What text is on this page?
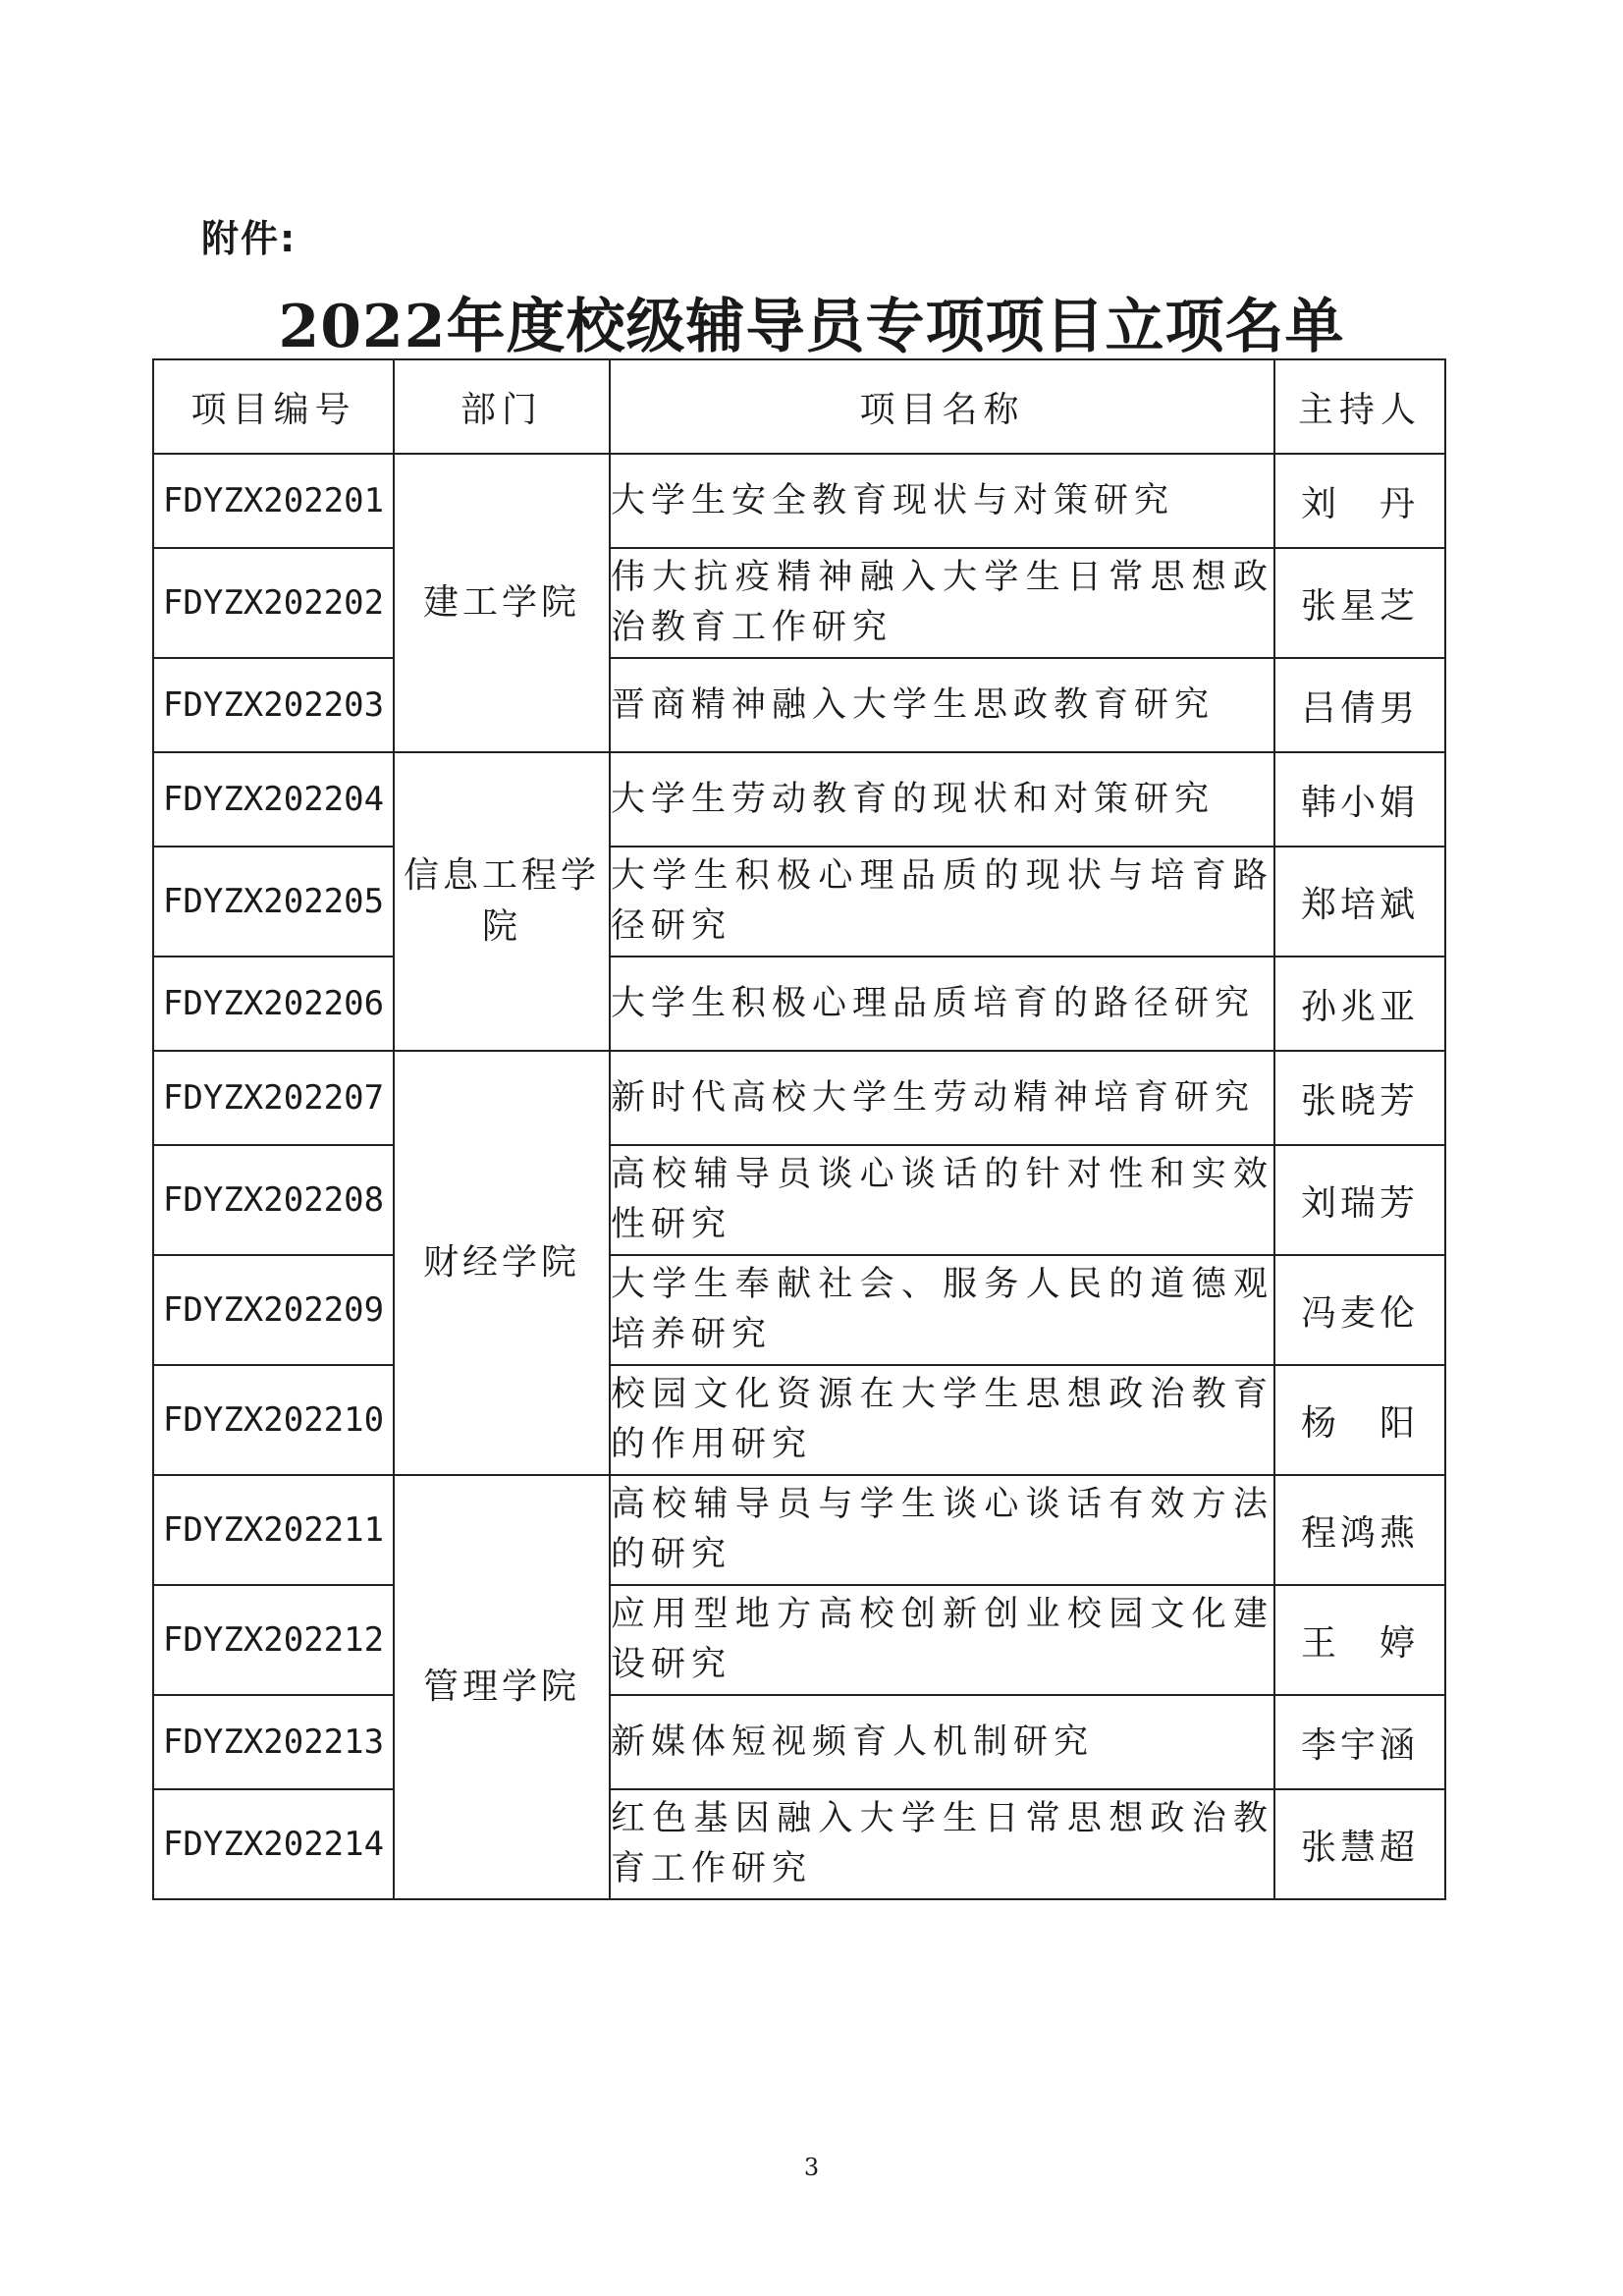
附件:
2022年度校级辅导员专项项目立项名单
项目编号	部门	项目名称	主持人
FDYZX202201	建工学院	大学生安全教育现状与对策研究	刘　丹
FDYZX202202		伟大抗疫精神融入大学生日常思想政治教育工作研究	张星芝
FDYZX202203		晋商精神融入大学生思政教育研究	吕倩男
FDYZX202204	信息工程学院	大学生劳动教育的现状和对策研究	韩小娟
FDYZX202205		大学生积极心理品质的现状与培育路径研究	郑培斌
FDYZX202206		大学生积极心理品质培育的路径研究	孙兆亚
FDYZX202207	财经学院	新时代高校大学生劳动精神培育研究	张晓芳
FDYZX202208		高校辅导员谈心谈话的针对性和实效性研究	刘瑞芳
FDYZX202209		大学生奉献社会、服务人民的道德观培养研究	冯麦伦
FDYZX202210		校园文化资源在大学生思想政治教育的作用研究	杨　阳
FDYZX202211	管理学院	高校辅导员与学生谈心谈话有效方法的研究	程鸿燕
FDYZX202212		应用型地方高校创新创业校园文化建设研究	王　婷
FDYZX202213		新媒体短视频育人机制研究	李宇涵
FDYZX202214		红色基因融入大学生日常思想政治教育工作研究	张慧超
3
